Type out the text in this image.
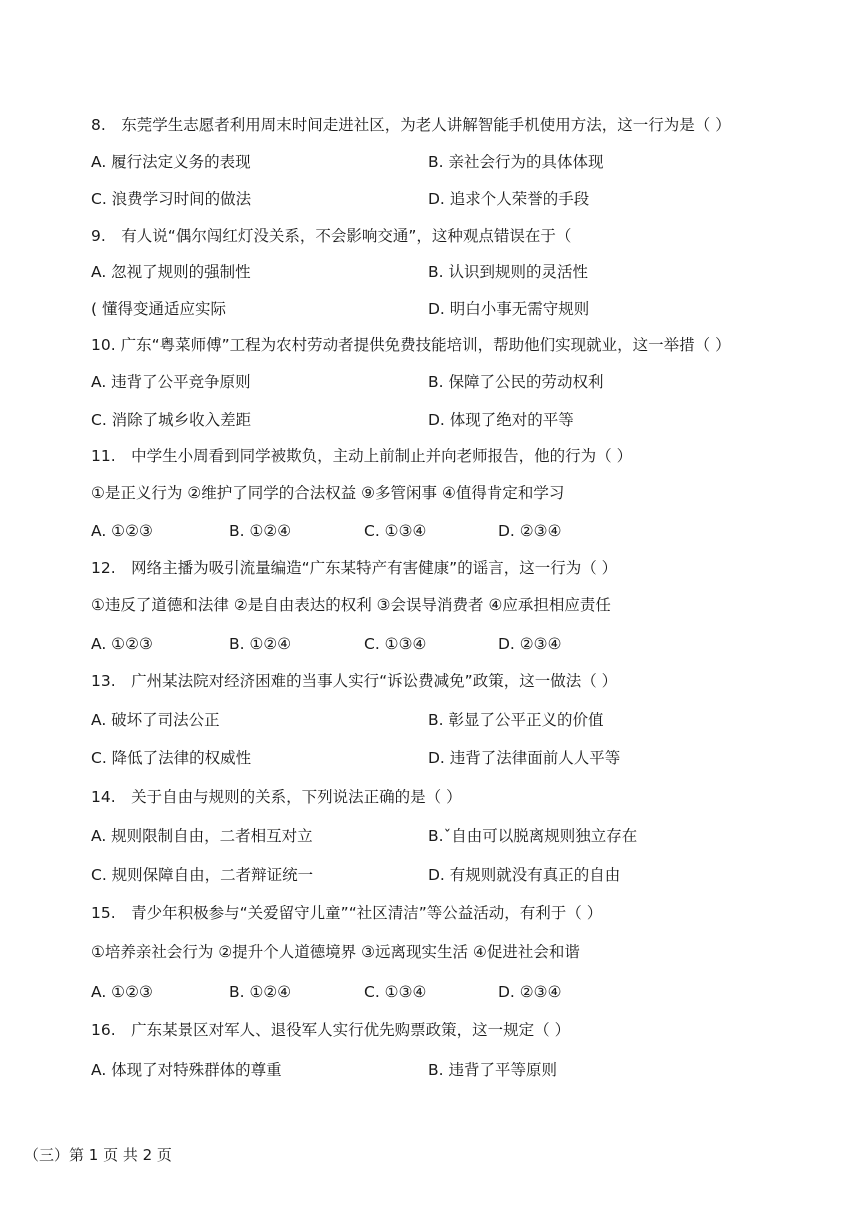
8.　东莞学生志愿者利用周末时间走进社区，为老人讲解智能手机使用方法，这一行为是（ ）
A. 履行法定义务的表现	B. 亲社会行为的具体体现
C. 浪费学习时间的做法	D. 追求个人荣誉的手段
9.　有人说“偶尔闯红灯没关系，不会影响交通”，这种观点错误在于（
A. 忽视了规则的强制性	B. 认识到规则的灵活性
( 懂得变通适应实际	D. 明白小事无需守规则
10. 广东“粤菜师傅”工程为农村劳动者提供免费技能培训，帮助他们实现就业，这一举措（ ）
A. 违背了公平竞争原则	B. 保障了公民的劳动权利
C. 消除了城乡收入差距	D. 体现了绝对的平等
11.　中学生小周看到同学被欺负，主动上前制止并向老师报告，他的行为（ ）
①是正义行为 ②维护了同学的合法权益 ⑨多管闲事 ④值得肯定和学习
A. ①②③	B. ①②④	C. ①③④	D. ②③④
12.　网络主播为吸引流量编造“广东某特产有害健康”的谣言，这一行为（ ）
①违反了道德和法律 ②是自由表达的权利 ③会误导消费者 ④应承担相应责任
A. ①②③	B. ①②④	C. ①③④	D. ②③④
13.　广州某法院对经济困难的当事人实行“诉讼费减免”政策，这一做法（ ）
A. 破坏了司法公正	B. 彰显了公平正义的价值
C. 降低了法律的权威性	D. 违背了法律面前人人平等
14.　关于自由与规则的关系，下列说法正确的是（ ）
A. 规则限制自由，二者相互对立	B.ˇ自由可以脱离规则独立存在
C. 规则保障自由，二者辩证统一	D. 有规则就没有真正的自由
15.　青少年积极参与“关爱留守儿童”“社区清洁”等公益活动，有利于（ ）
①培养亲社会行为 ②提升个人道德境界 ③远离现实生活 ④促进社会和谐
A. ①②③	B. ①②④	C. ①③④	D. ②③④
16.　广东某景区对军人、退役军人实行优先购票政策，这一规定（ ）
A. 体现了对特殊群体的尊重	B. 违背了平等原则
（三）第 1 页 共 2 页
